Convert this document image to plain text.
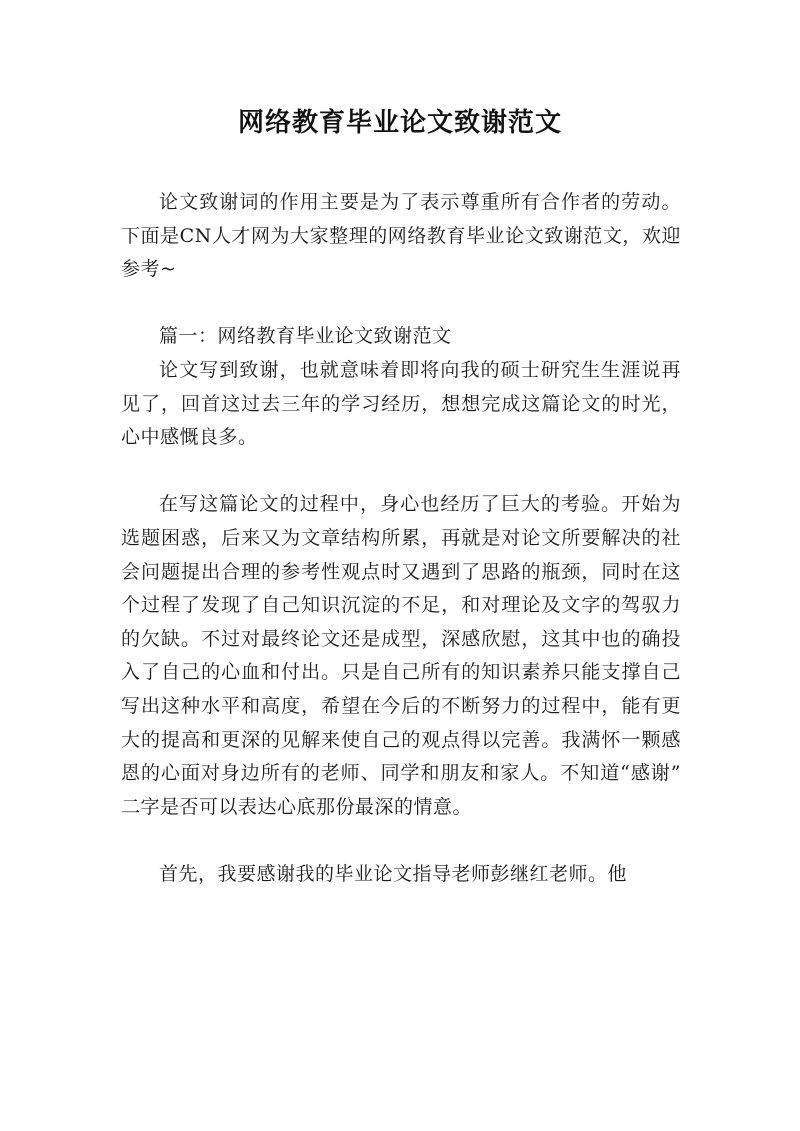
网络教育毕业论文致谢范文

论文致谢词的作用主要是为了表示尊重所有合作者的劳动。下面是CN人才网为大家整理的网络教育毕业论文致谢范文，欢迎参考~

篇一：网络教育毕业论文致谢范文

论文写到致谢，也就意味着即将向我的硕士研究生生涯说再见了，回首这过去三年的学习经历，想想完成这篇论文的时光，心中感慨良多。

在写这篇论文的过程中，身心也经历了巨大的考验。开始为选题困惑，后来又为文章结构所累，再就是对论文所要解决的社会问题提出合理的参考性观点时又遇到了思路的瓶颈，同时在这个过程了发现了自己知识沉淀的不足，和对理论及文字的驾驭力的欠缺。不过对最终论文还是成型，深感欣慰，这其中也的确投入了自己的心血和付出。只是自己所有的知识素养只能支撑自己写出这种水平和高度，希望在今后的不断努力的过程中，能有更大的提高和更深的见解来使自己的观点得以完善。我满怀一颗感恩的心面对身边所有的老师、同学和朋友和家人。不知道“感谢” 二字是否可以表达心底那份最深的情意。

首先，我要感谢我的毕业论文指导老师彭继红老师。他
